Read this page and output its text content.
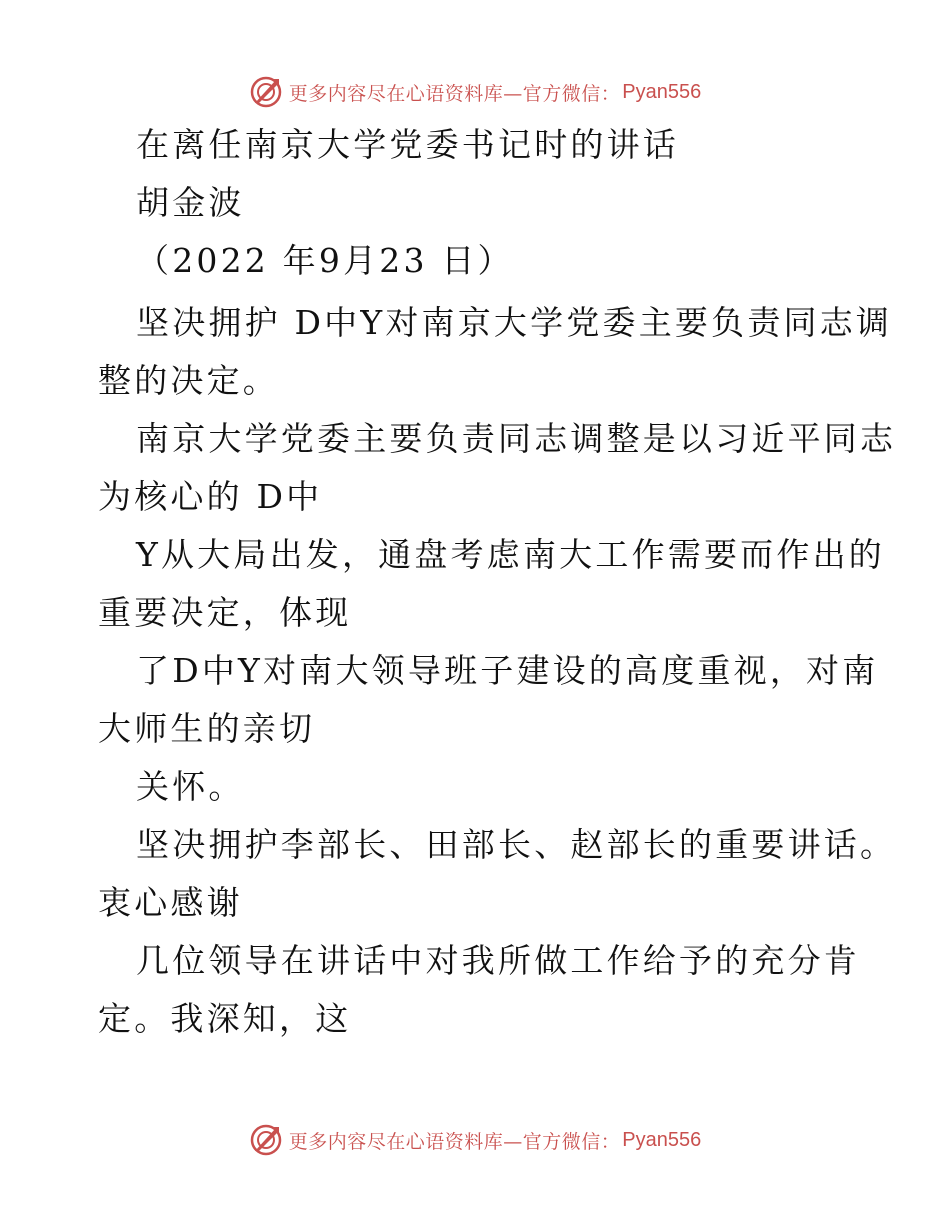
更多内容尽在心语资料库—官方微信： Pyan556
在离任南京大学党委书记时的讲话
胡金波
（2022 年9月23 日）
坚决拥护 D中Y对南京大学党委主要负责同志调
整的决定。
南京大学党委主要负责同志调整是以习近平同志
为核心的 D中
Y从大局出发，通盘考虑南大工作需要而作出的
重要决定，体现
了D中Y对南大领导班子建设的高度重视，对南
大师生的亲切
关怀。
坚决拥护李部长、田部长、赵部长的重要讲话。
衷心感谢
几位领导在讲话中对我所做工作给予的充分肯
定。我深知，这
更多内容尽在心语资料库—官方微信： Pyan556
